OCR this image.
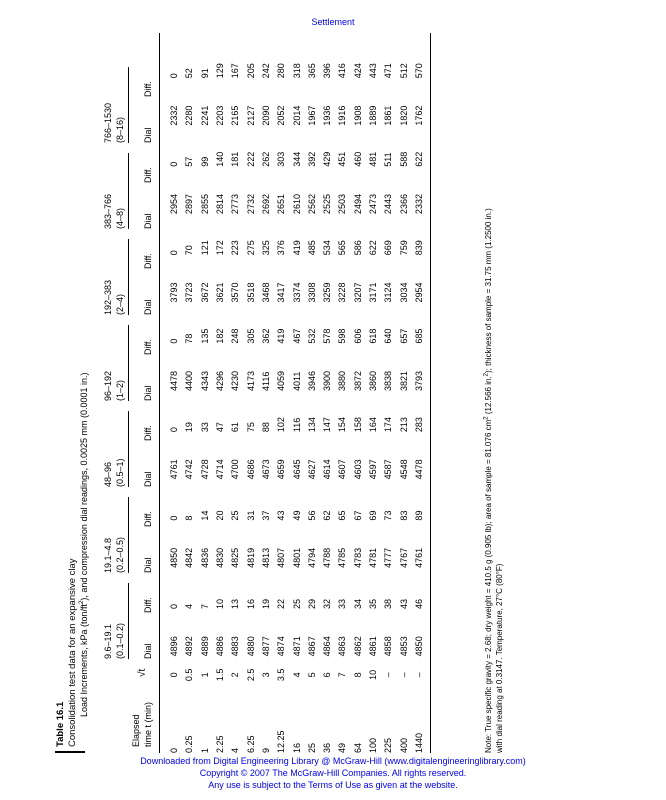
Settlement
Table 16.1 Consolidation test data for an expansive clay Load Increments, kPa $(ton/ft^2)$, and compression dial readings, 0.0025 mm (0.0001 in.)
9.6–19.1 (0.1–0.2)
19.1–4.8 (0.2–0.5)
48–96 (0.5–1)
96–192 (1–2)
192–383 (2–4)
383–766 (4–8)
766–1530 (8–16)
Elapsed time t (min)
√t
Dial
Diff.
Dial
Diff.
Dial
Diff.
Dial
Diff.
Dial
Diff.
Dial
Diff.
Dial
Diff.
0	0	4896	0	4850	0	4761	0	4478	0	3793	0	2954	0	2332	0
0.25	0.5	4892	4	4842	8	4742	19	4400	78	3723	70	2897	57	2280	52
1	1	4889	7	4836	14	4728	33	4343	135	3672	121	2855	99	2241	91
2.25	1.5	4886	10	4830	20	4714	47	4296	182	3621	172	2814	140	2203	129
4	2	4883	13	4825	25	4700	61	4230	248	3570	223	2773	181	2165	167
6.25	2.5	4880	16	4819	31	4686	75	4173	305	3518	275	2732	222	2127	205
9	3	4877	19	4813	37	4673	88	4116	362	3468	325	2692	262	2090	242
12.25	3.5	4874	22	4807	43	4659	102	4059	419	3417	376	2651	303	2052	280
16	4	4871	25	4801	49	4645	116	4011	467	3374	419	2610	344	2014	318
25	5	4867	29	4794	56	4627	134	3946	532	3308	485	2562	392	1967	365
36	6	4864	32	4788	62	4614	147	3900	578	3259	534	2525	429	1936	396
49	7	4863	33	4785	65	4607	154	3880	598	3228	565	2503	451	1916	416
64	8	4862	34	4783	67	4603	158	3872	606	3207	586	2494	460	1908	424
100	10	4861	35	4781	69	4597	164	3860	618	3171	622	2473	481	1889	443
225	–	4858	38	4777	73	4587	174	3838	640	3124	669	2443	511	1861	471
400	–	4853	43	4767	83	4548	213	3821	657	3034	759	2366	588	1820	512
1440	–	4850	46	4761	89	4478	283	3793	685	2954	839	2332	622	1762	570
Note: True specific gravity = 2.68; dry weight = 410.5 g (0.905 lb); area of sample = 81.076 $cm^2$ (12.566 in.$^2$); thickness of sample = 31.75 mm (1.2500 in.)
with dial reading at 0.3147. Temperature, 27°C (80°F)
Downloaded from Digital Engineering Library @ McGraw-Hill (www.digitalengineeringlibrary.com)
Copyright © 2007 The McGraw-Hill Companies. All rights reserved.
Any use is subject to the Terms of Use as given at the website.
